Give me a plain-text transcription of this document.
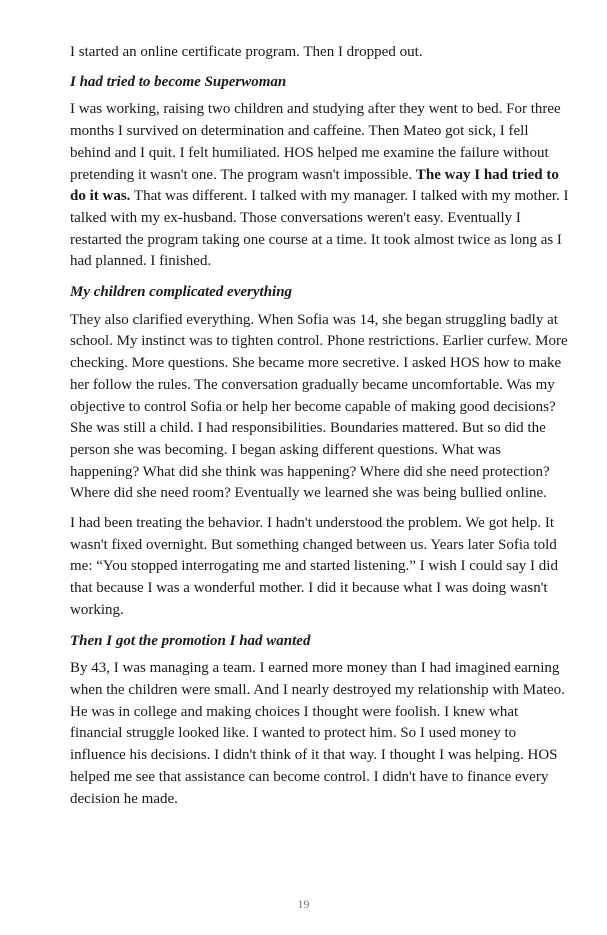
I started an online certificate program. Then I dropped out.

I had tried to become Superwoman

I was working, raising two children and studying after they went to bed. For three months I survived on determination and caffeine. Then Mateo got sick, I fell behind and I quit. I felt humiliated. HOS helped me examine the failure without pretending it wasn't one. The program wasn't impossible. The way I had tried to do it was. That was different. I talked with my manager. I talked with my mother. I talked with my ex-husband. Those conversations weren't easy. Eventually I restarted the program taking one course at a time. It took almost twice as long as I had planned. I finished.

My children complicated everything

They also clarified everything. When Sofia was 14, she began struggling badly at school. My instinct was to tighten control. Phone restrictions. Earlier curfew. More checking. More questions. She became more secretive. I asked HOS how to make her follow the rules. The conversation gradually became uncomfortable. Was my objective to control Sofia or help her become capable of making good decisions? She was still a child. I had responsibilities. Boundaries mattered. But so did the person she was becoming. I began asking different questions. What was happening? What did she think was happening? Where did she need protection? Where did she need room? Eventually we learned she was being bullied online.

I had been treating the behavior. I hadn't understood the problem. We got help. It wasn't fixed overnight. But something changed between us. Years later Sofia told me: “You stopped interrogating me and started listening.” I wish I could say I did that because I was a wonderful mother. I did it because what I was doing wasn't working.

Then I got the promotion I had wanted

By 43, I was managing a team. I earned more money than I had imagined earning when the children were small. And I nearly destroyed my relationship with Mateo. He was in college and making choices I thought were foolish. I knew what financial struggle looked like. I wanted to protect him. So I used money to influence his decisions. I didn't think of it that way. I thought I was helping. HOS helped me see that assistance can become control. I didn't have to finance every decision he made.

19
